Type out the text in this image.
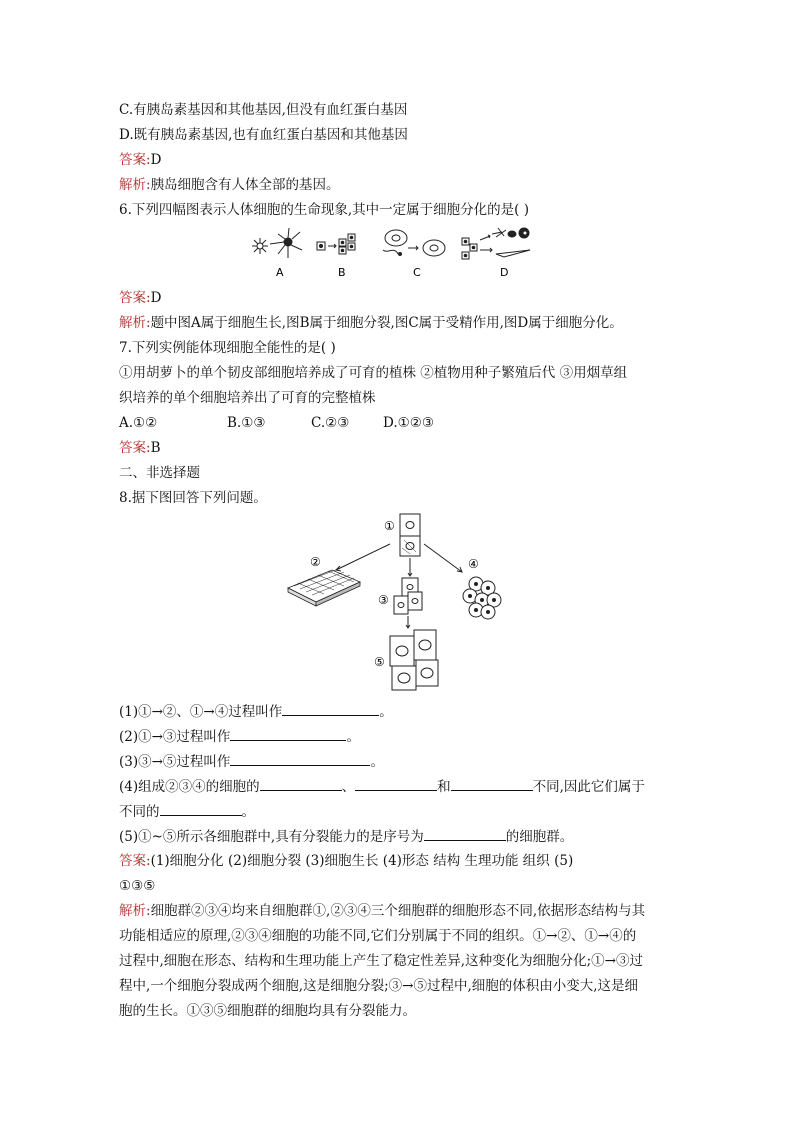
C.有胰岛素基因和其他基因,但没有血红蛋白基因
D.既有胰岛素基因,也有血红蛋白基因和其他基因
答案:D
解析:胰岛细胞含有人体全部的基因。
6.下列四幅图表示人体细胞的生命现象,其中一定属于细胞分化的是( )
A	B	C	D
答案:D
解析:题中图A属于细胞生长,图B属于细胞分裂,图C属于受精作用,图D属于细胞分化。
7.下列实例能体现细胞全能性的是( )
①用胡萝卜的单个韧皮部细胞培养成了可育的植株 ②植物用种子繁殖后代 ③用烟草组
织培养的单个细胞培养出了可育的完整植株
A.①②	B.①③	C.②③ D.①②③
答案:B
二、非选择题
8.据下图回答下列问题。
①
②
③
④
⑤
(1)①→②、①→④过程叫作	。
(2)①→③过程叫作	。
(3)③→⑤过程叫作	。
(4)组成②③④的细胞的	、	和	不同,因此它们属于
不同的	。
(5)①~⑤所示各细胞群中,具有分裂能力的是序号为	的细胞群。
答案:(1)细胞分化 (2)细胞分裂 (3)细胞生长 (4)形态 结构 生理功能 组织 (5)
①③⑤
解析:细胞群②③④均来自细胞群①,②③④三个细胞群的细胞形态不同,依据形态结构与其
功能相适应的原理,②③④细胞的功能不同,它们分别属于不同的组织。①→②、①→④的
过程中,细胞在形态、结构和生理功能上产生了稳定性差异,这种变化为细胞分化;①→③过
程中,一个细胞分裂成两个细胞,这是细胞分裂;③→⑤过程中,细胞的体积由小变大,这是细
胞的生长。①③⑤细胞群的细胞均具有分裂能力。
